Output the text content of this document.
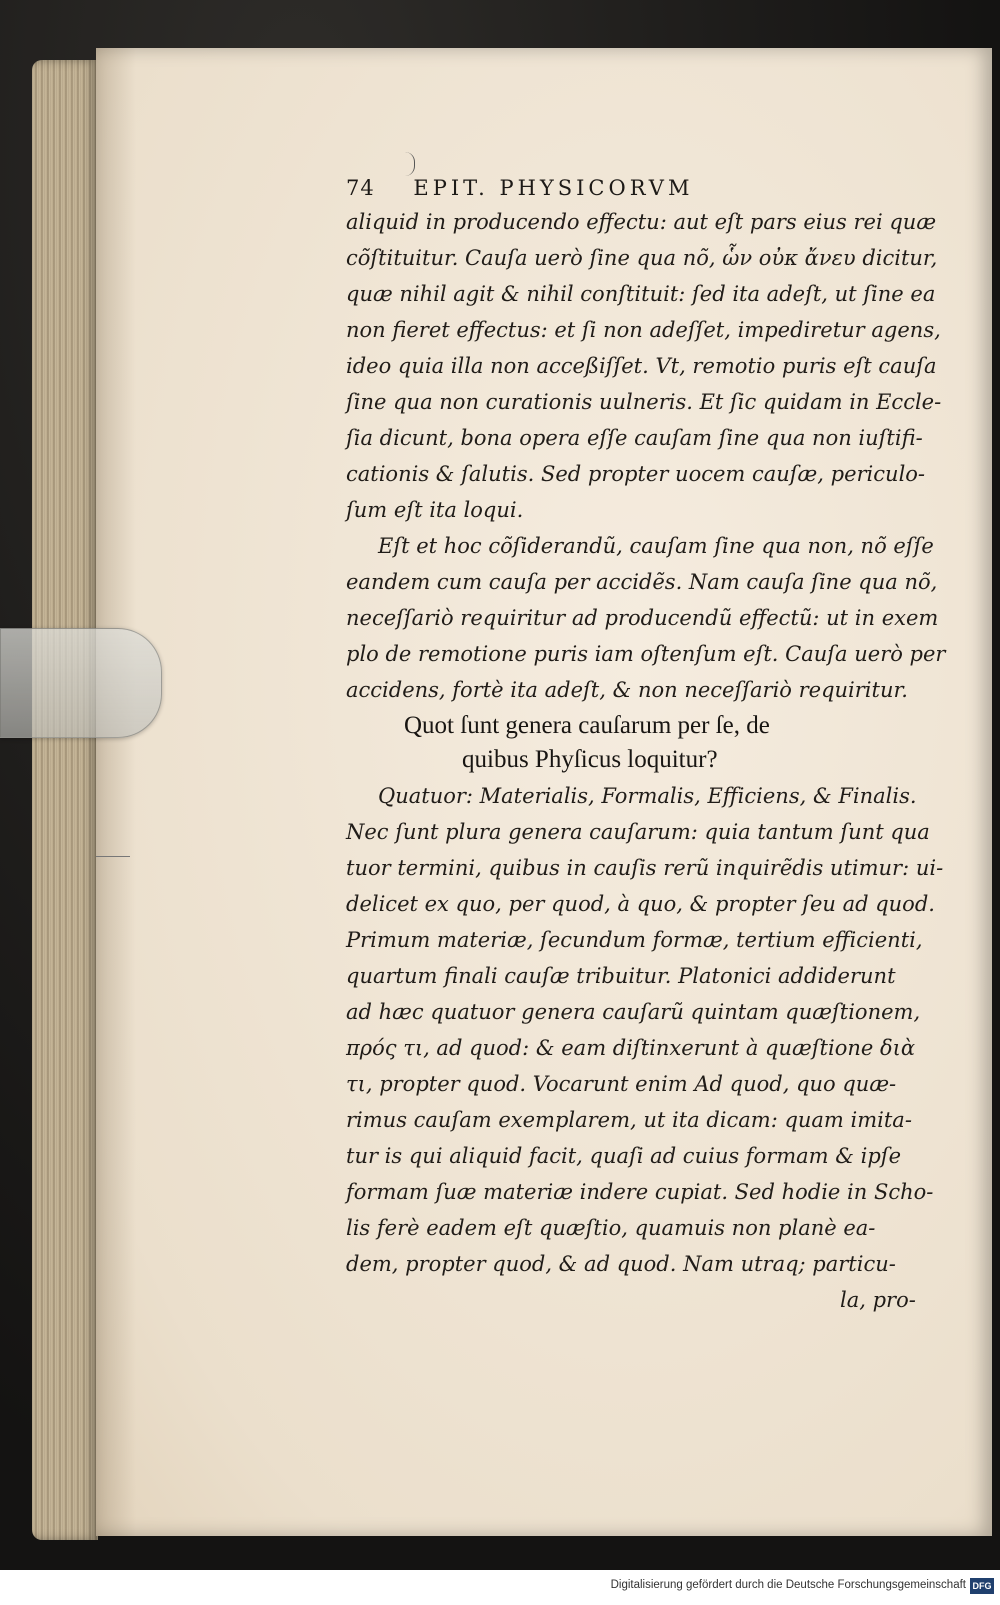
74 EPIT. PHYSICORVM
aliquid in producendo effectu: aut eſt pars eius rei quæ
cõſtituitur. Cauſa uerò ſine qua nõ, ὧν οὐκ ἄνευ dicitur,
quæ nihil agit & nihil conſtituit: ſed ita adeſt, ut ſine ea
non fieret effectus: et ſi non adeſſet, impediretur agens,
ideo quia illa non acceßiſſet. Vt, remotio puris eſt cauſa
ſine qua non curationis uulneris. Et ſic quidam in Eccle-
ſia dicunt, bona opera eſſe cauſam ſine qua non iuſtifi-
cationis & ſalutis. Sed propter uocem cauſæ, periculo-
ſum eſt ita loqui.
Eſt et hoc cõſiderandũ, cauſam ſine qua non, nõ eſſe
eandem cum cauſa per accidẽs. Nam cauſa ſine qua nõ,
neceſſariò requiritur ad producendũ effectũ: ut in exem
plo de remotione puris iam oſtenſum eſt. Cauſa uerò per
accidens, fortè ita adeſt, & non neceſſariò requiritur.
Quot ſunt genera cauſarum per ſe, de
quibus Phyſicus loquitur?
Quatuor: Materialis, Formalis, Efficiens, & Finalis.
Nec ſunt plura genera cauſarum: quia tantum ſunt qua
tuor termini, quibus in cauſis rerũ inquirẽdis utimur: ui-
delicet ex quo, per quod, à quo, & propter ſeu ad quod.
Primum materiæ, ſecundum formæ, tertium efficienti,
quartum finali cauſæ tribuitur. Platonici addiderunt
ad hæc quatuor genera cauſarũ quintam quæſtionem,
πρός τι, ad quod: & eam diſtinxerunt à quæſtione διὰ
τι, propter quod. Vocarunt enim Ad quod, quo quæ-
rimus cauſam exemplarem, ut ita dicam: quam imita-
tur is qui aliquid facit, quaſi ad cuius formam & ipſe
formam ſuæ materiæ indere cupiat. Sed hodie in Scho-
lis ferè eadem eſt quæſtio, quamuis non planè ea-
dem, propter quod, & ad quod. Nam utraq; particu-
la, pro-
Digitalisierung gefördert durch die Deutsche Forschungsgemeinschaft DFG
